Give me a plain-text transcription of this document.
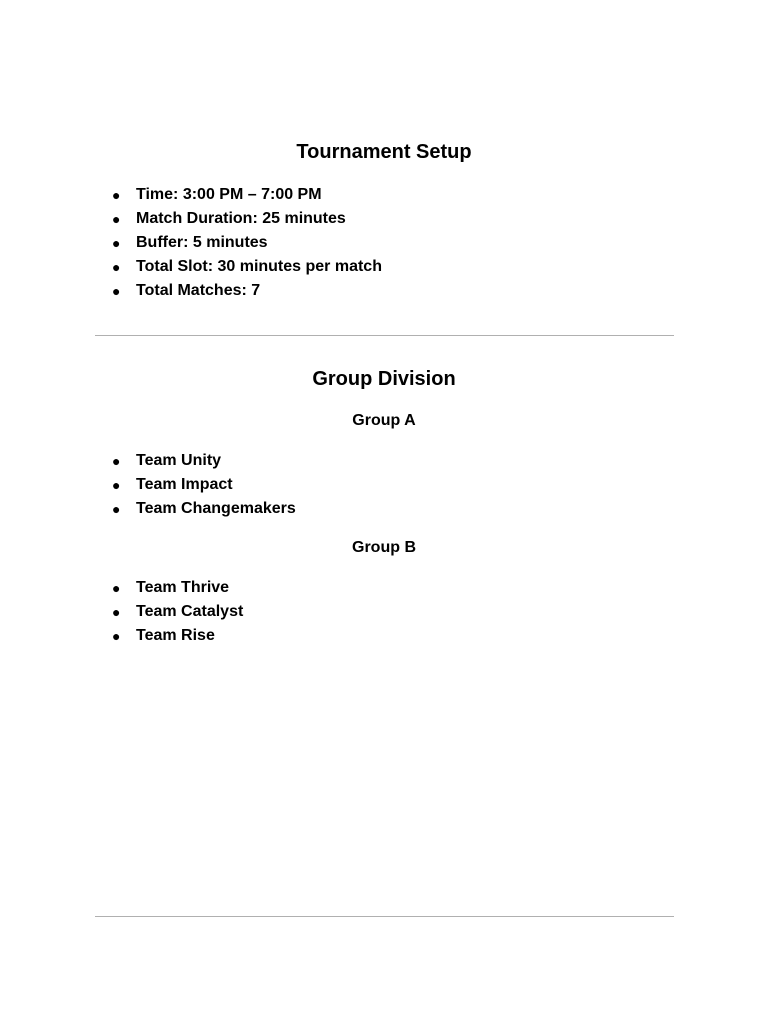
Tournament Setup
● Time: 3:00 PM – 7:00 PM
● Match Duration: 25 minutes
● Buffer: 5 minutes
● Total Slot: 30 minutes per match
● Total Matches: 7
Group Division
Group A
● Team Unity
● Team Impact
● Team Changemakers
Group B
● Team Thrive
● Team Catalyst
● Team Rise
